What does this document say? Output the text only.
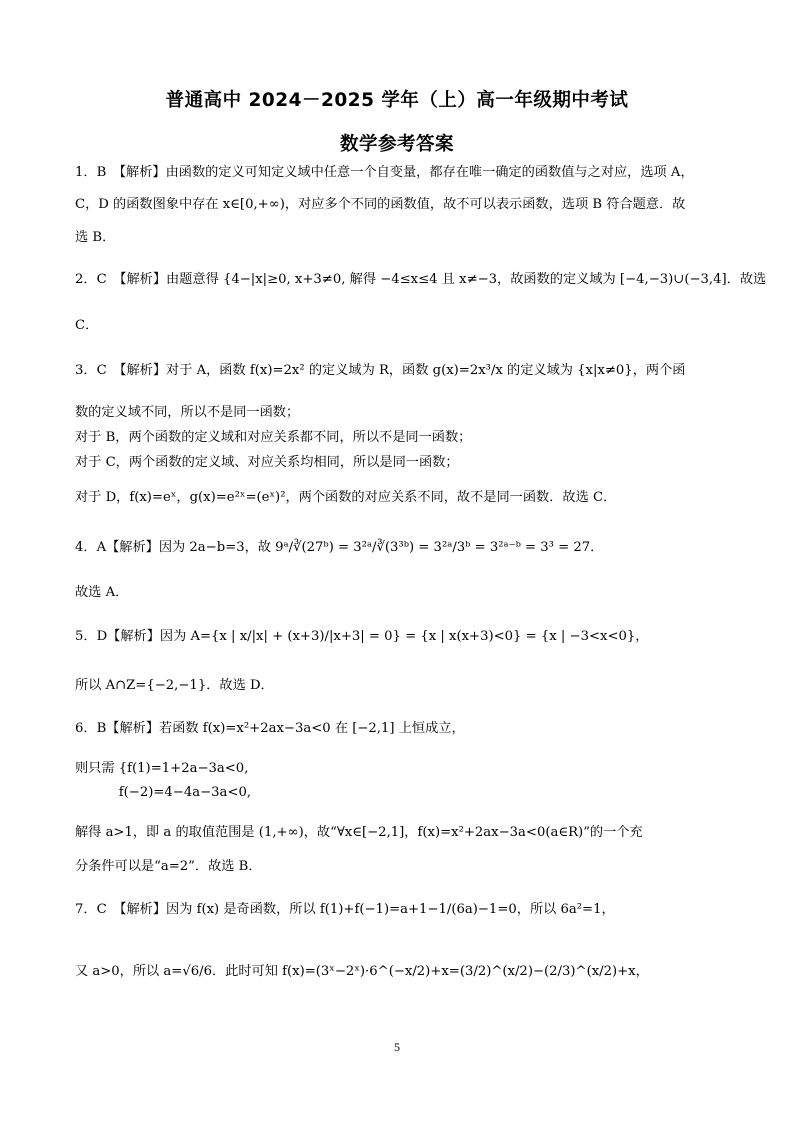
普通高中 2024－2025 学年（上）高一年级期中考试
数学参考答案
1．B　【解析】由函数的定义可知定义域中任意一个自变量，都存在唯一确定的函数值与之对应，选项 A，
C，D 的函数图象中存在 x∈[0,+∞)，对应多个不同的函数值，故不可以表示函数，选项 B 符合题意．故
选 B．
2．C　【解析】由题意得 {4−|x|≥0, x+3≠0, 解得 −4≤x≤4 且 x≠−3，故函数的定义域为 [−4,−3)∪(−3,4]．故选
C．
3．C　【解析】对于 A，函数 f(x)=2x² 的定义域为 R，函数 g(x)=2x³/x 的定义域为 {x|x≠0}，两个函
数的定义域不同，所以不是同一函数；
对于 B，两个函数的定义域和对应关系都不同，所以不是同一函数；
对于 C，两个函数的定义域、对应关系均相同，所以是同一函数；
对于 D，f(x)=eˣ，g(x)=e²ˣ=(eˣ)²，两个函数的对应关系不同，故不是同一函数．故选 C．
4．A【解析】因为 2a−b=3，故 9ᵃ/∛(27ᵇ) = 3²ᵃ/∛(3³ᵇ) = 3²ᵃ/3ᵇ = 3²ᵃ⁻ᵇ = 3³ = 27．
故选 A．
5．D【解析】因为 A={x | x/|x| + (x+3)/|x+3| = 0} = {x | x(x+3)<0} = {x | −3<x<0}，
所以 A∩Z={−2,−1}．故选 D．
6．B【解析】若函数 f(x)=x²+2ax−3a<0 在 [−2,1] 上恒成立，
则只需 {f(1)=1+2a−3a<0,
　　　 f(−2)=4−4a−3a<0,
解得 a>1，即 a 的取值范围是 (1,+∞)，故“∀x∈[−2,1]，f(x)=x²+2ax−3a<0(a∈R)”的一个充
分条件可以是“a=2”．故选 B．
7．C　【解析】因为 f(x) 是奇函数，所以 f(1)+f(−1)=a+1−1/(6a)−1=0，所以 6a²=1，
又 a>0，所以 a=√6/6．此时可知 f(x)=(3ˣ−2ˣ)·6^(−x/2)+x=(3/2)^(x/2)−(2/3)^(x/2)+x，
5
